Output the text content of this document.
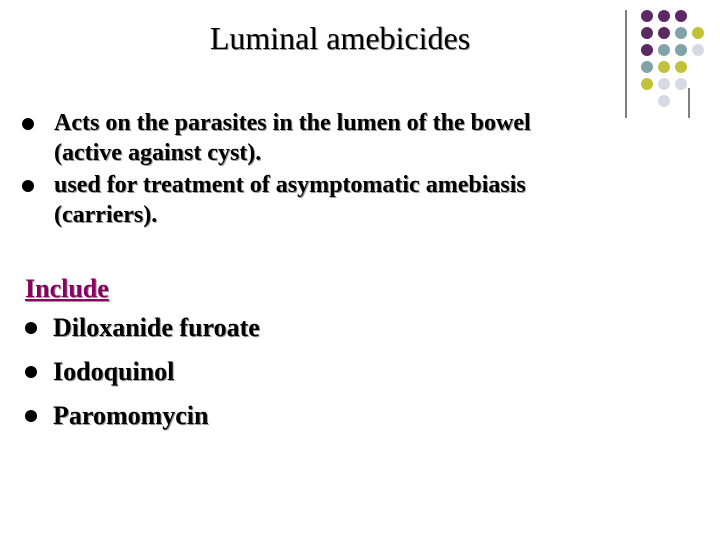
Luminal amebicides
Acts on the parasites in the lumen of the bowel
(active against cyst).
used for treatment of asymptomatic amebiasis
(carriers).
Include
Diloxanide furoate
Iodoquinol
Paromomycin
